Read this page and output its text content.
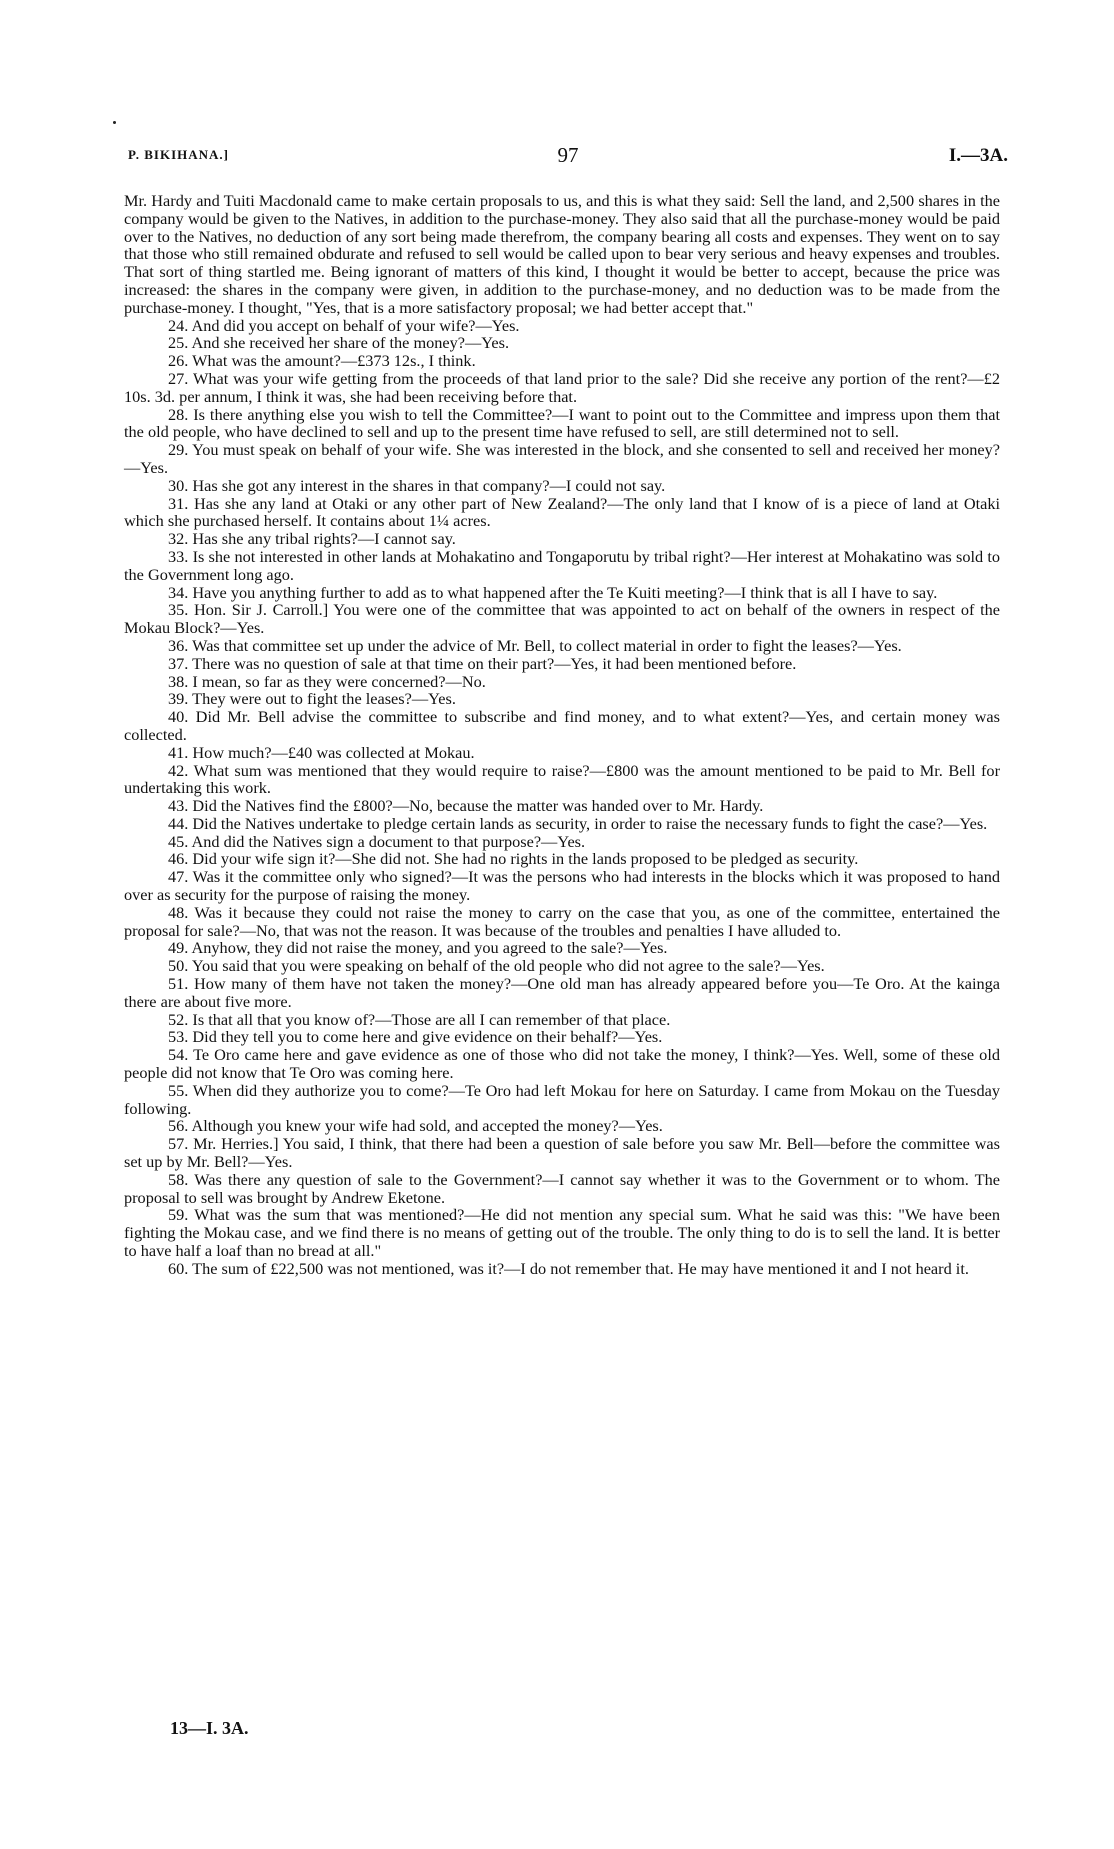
P. BIKIHANA.]	97	I.—3A.

Mr. Hardy and Tuiti Macdonald came to make certain proposals to us, and this is what they said: Sell the land, and 2,500 shares in the company would be given to the Natives, in addition to the purchase-money. They also said that all the purchase-money would be paid over to the Natives, no deduction of any sort being made therefrom, the company bearing all costs and expenses. They went on to say that those who still remained obdurate and refused to sell would be called upon to bear very serious and heavy expenses and troubles. That sort of thing startled me. Being ignorant of matters of this kind, I thought it would be better to accept, because the price was increased: the shares in the company were given, in addition to the purchase-money, and no deduction was to be made from the purchase-money. I thought, "Yes, that is a more satisfactory proposal; we had better accept that."

24. And did you accept on behalf of your wife?—Yes.

25. And she received her share of the money?—Yes.

26. What was the amount?—£373 12s., I think.

27. What was your wife getting from the proceeds of that land prior to the sale? Did she receive any portion of the rent?—£2 10s. 3d. per annum, I think it was, she had been receiving before that.

28. Is there anything else you wish to tell the Committee?—I want to point out to the Committee and impress upon them that the old people, who have declined to sell and up to the present time have refused to sell, are still determined not to sell.

29. You must speak on behalf of your wife. She was interested in the block, and she consented to sell and received her money?—Yes.

30. Has she got any interest in the shares in that company?—I could not say.

31. Has she any land at Otaki or any other part of New Zealand?—The only land that I know of is a piece of land at Otaki which she purchased herself. It contains about 1¼ acres.

32. Has she any tribal rights?—I cannot say.

33. Is she not interested in other lands at Mohakatino and Tongaporutu by tribal right?—Her interest at Mohakatino was sold to the Government long ago.

34. Have you anything further to add as to what happened after the Te Kuiti meeting?—I think that is all I have to say.

35. Hon. Sir J. Carroll.] You were one of the committee that was appointed to act on behalf of the owners in respect of the Mokau Block?—Yes.

36. Was that committee set up under the advice of Mr. Bell, to collect material in order to fight the leases?—Yes.

37. There was no question of sale at that time on their part?—Yes, it had been mentioned before.

38. I mean, so far as they were concerned?—No.

39. They were out to fight the leases?—Yes.

40. Did Mr. Bell advise the committee to subscribe and find money, and to what extent?—Yes, and certain money was collected.

41. How much?—£40 was collected at Mokau.

42. What sum was mentioned that they would require to raise?—£800 was the amount mentioned to be paid to Mr. Bell for undertaking this work.

43. Did the Natives find the £800?—No, because the matter was handed over to Mr. Hardy.

44. Did the Natives undertake to pledge certain lands as security, in order to raise the necessary funds to fight the case?—Yes.

45. And did the Natives sign a document to that purpose?—Yes.

46. Did your wife sign it?—She did not. She had no rights in the lands proposed to be pledged as security.

47. Was it the committee only who signed?—It was the persons who had interests in the blocks which it was proposed to hand over as security for the purpose of raising the money.

48. Was it because they could not raise the money to carry on the case that you, as one of the committee, entertained the proposal for sale?—No, that was not the reason. It was because of the troubles and penalties I have alluded to.

49. Anyhow, they did not raise the money, and you agreed to the sale?—Yes.

50. You said that you were speaking on behalf of the old people who did not agree to the sale?—Yes.

51. How many of them have not taken the money?—One old man has already appeared before you—Te Oro. At the kainga there are about five more.

52. Is that all that you know of?—Those are all I can remember of that place.

53. Did they tell you to come here and give evidence on their behalf?—Yes.

54. Te Oro came here and gave evidence as one of those who did not take the money, I think?—Yes. Well, some of these old people did not know that Te Oro was coming here.

55. When did they authorize you to come?—Te Oro had left Mokau for here on Saturday. I came from Mokau on the Tuesday following.

56. Although you knew your wife had sold, and accepted the money?—Yes.

57. Mr. Herries.] You said, I think, that there had been a question of sale before you saw Mr. Bell—before the committee was set up by Mr. Bell?—Yes.

58. Was there any question of sale to the Government?—I cannot say whether it was to the Government or to whom. The proposal to sell was brought by Andrew Eketone.

59. What was the sum that was mentioned?—He did not mention any special sum. What he said was this: "We have been fighting the Mokau case, and we find there is no means of getting out of the trouble. The only thing to do is to sell the land. It is better to have half a loaf than no bread at all."

60. The sum of £22,500 was not mentioned, was it?—I do not remember that. He may have mentioned it and I not heard it.

13—I. 3A.
